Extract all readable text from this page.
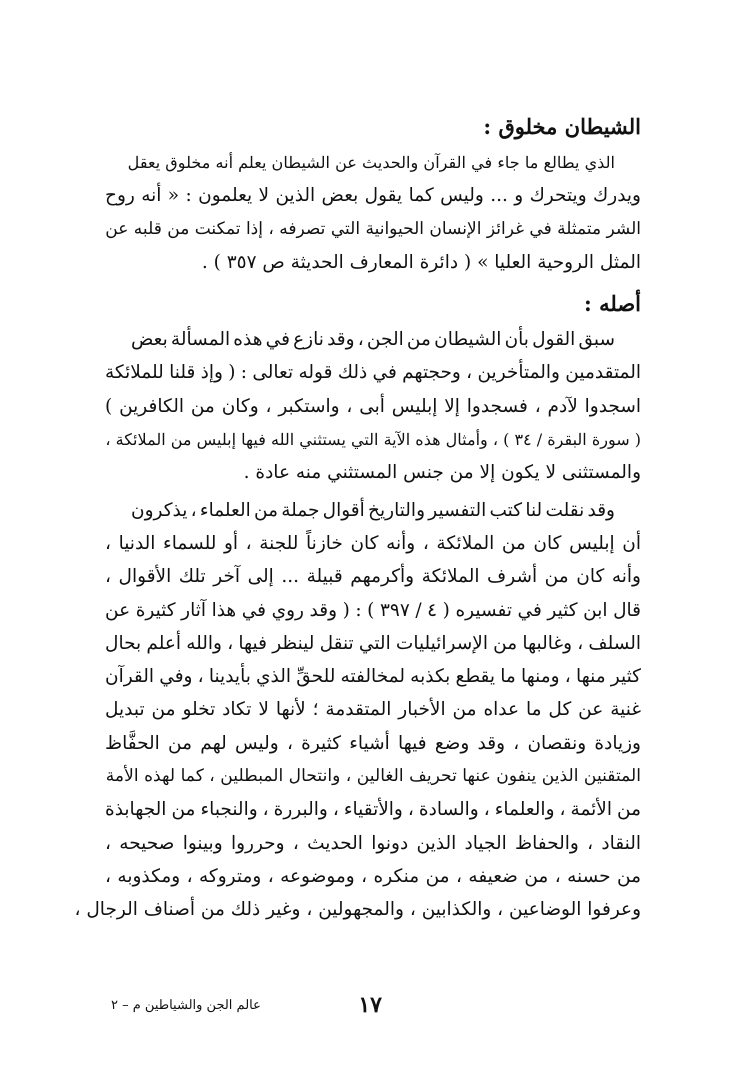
الشيطان مخلوق :

الذي يطالع ما جاء في القرآن والحديث عن الشيطان يعلم أنه مخلوق يعقل
ويدرك ويتحرك و ... وليس كما يقول بعض الذين لا يعلمون : « أنه روح
الشر متمثلة في غرائز الإنسان الحيوانية التي تصرفه ، إذا تمكنت من قلبه عن
المثل الروحية العليا » ( دائرة المعارف الحديثة ص ٣٥٧ ) .

أصله :

سبق القول بأن الشيطان من الجن ، وقد نازع في هذه المسألة بعض
المتقدمين والمتأخرين ، وحجتهم في ذلك قوله تعالى : ( وإذ قلنا للملائكة
اسجدوا لآدم ، فسجدوا إلا إبليس أبى ، واستكبر ، وكان من الكافرين )
( سورة البقرة / ٣٤ ) ، وأمثال هذه الآية التي يستثني الله فيها إبليس من الملائكة ،
والمستثنى لا يكون إلا من جنس المستثني منه عادة .

وقد نقلت لنا كتب التفسير والتاريخ أقوال جملة من العلماء ، يذكرون
أن إبليس كان من الملائكة ، وأنه كان خازناً للجنة ، أو للسماء الدنيا ،
وأنه كان من أشرف الملائكة وأكرمهم قبيلة ... إلى آخر تلك الأقوال ،
قال ابن كثير في تفسيره ( ٤ / ٣٩٧ ) : ( وقد روي في هذا آثار كثيرة عن
السلف ، وغالبها من الإسرائيليات التي تنقل لينظر فيها ، والله أعلم بحال
كثير منها ، ومنها ما يقطع بكذبه لمخالفته للحقِّ الذي بأيدينا ، وفي القرآن
غنية عن كل ما عداه من الأخبار المتقدمة ؛ لأنها لا تكاد تخلو من تبديل
وزيادة ونقصان ، وقد وضع فيها أشياء كثيرة ، وليس لهم من الحفَّاظ
المتقنين الذين ينفون عنها تحريف الغالين ، وانتحال المبطلين ، كما لهذه الأمة
من الأئمة ، والعلماء ، والسادة ، والأتقياء ، والبررة ، والنجباء من الجهابذة
النقاد ، والحفاظ الجياد الذين دونوا الحديث ، وحرروا وبينوا صحيحه ،
من حسنه ، من ضعيفه ، من منكره ، وموضوعه ، ومتروكه ، ومكذوبه ،
وعرفوا الوضاعين ، والكذابين ، والمجهولين ، وغير ذلك من أصناف الرجال ،

١٧
عالم الجن والشياطين م – ٢
